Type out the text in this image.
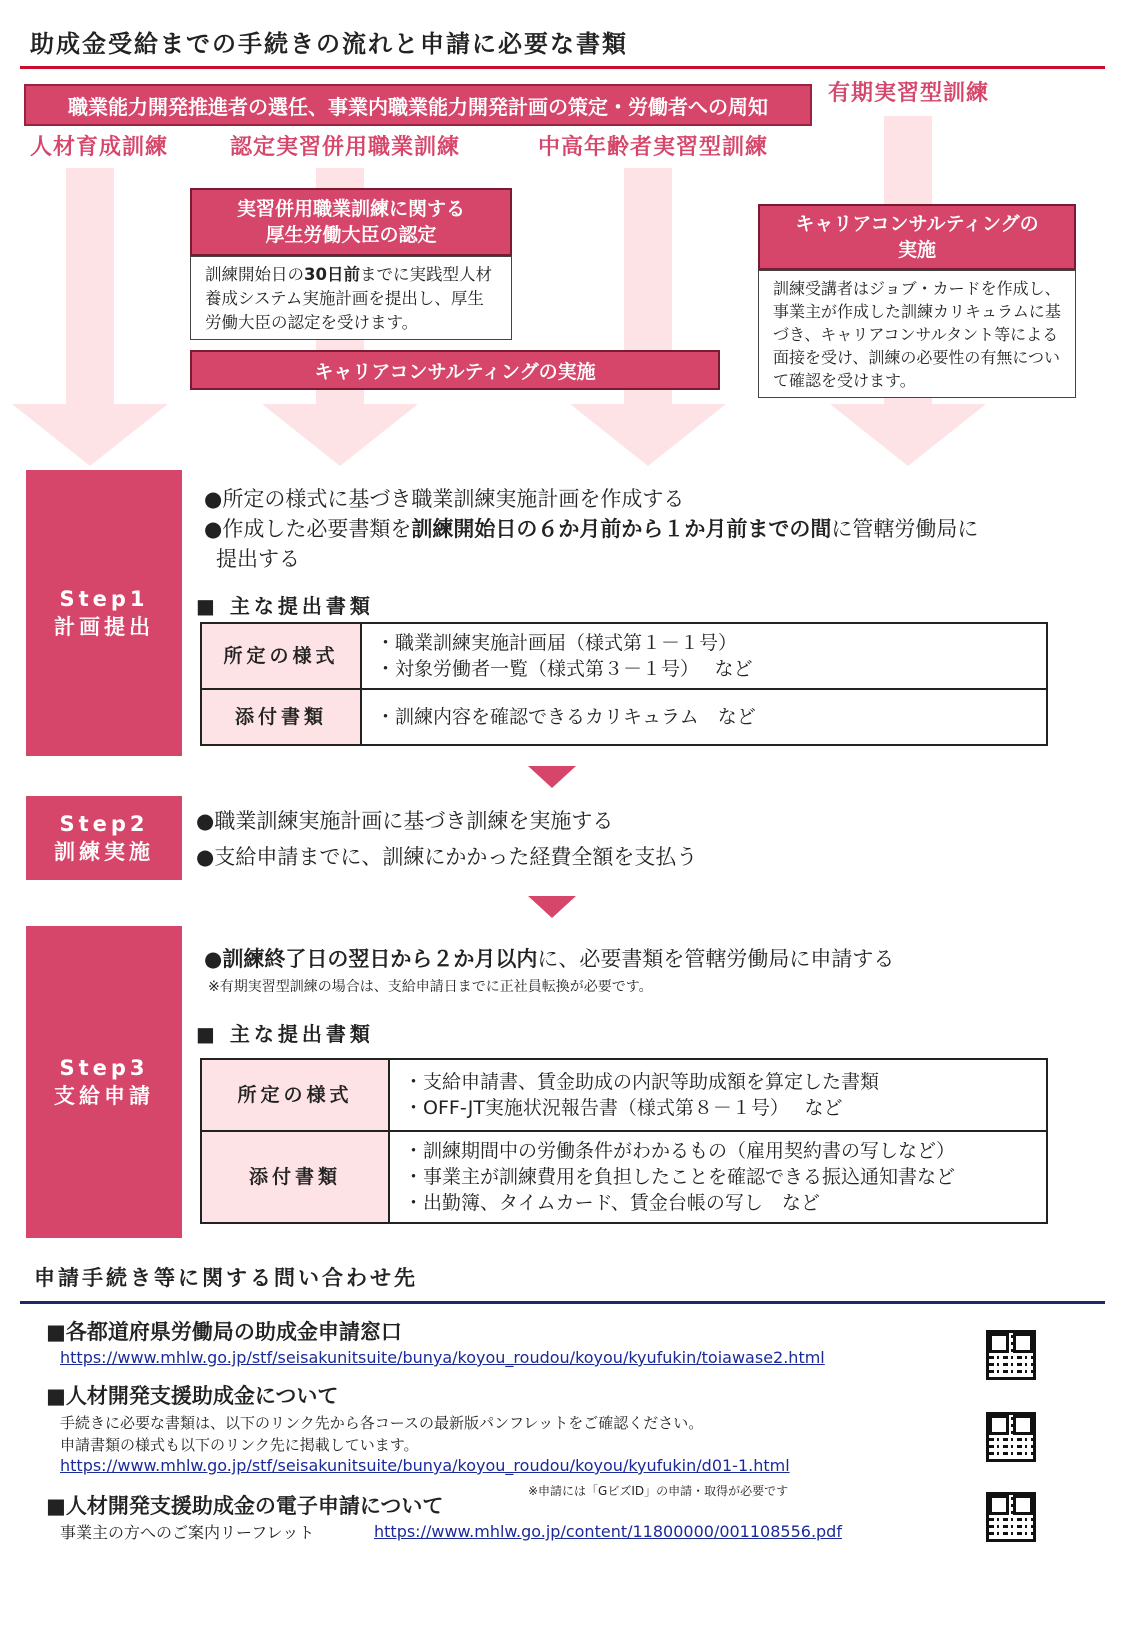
助成金受給までの手続きの流れと申請に必要な書類
職業能力開発推進者の選任、事業内職業能力開発計画の策定・労働者への周知
人材育成訓練	認定実習併用職業訓練	中高年齢者実習型訓練
有期実習型訓練
実習併用職業訓練に関する
厚生労働大臣の認定
訓練開始日の30日前までに実践型人材養成システム実施計画を提出し、厚生労働大臣の認定を受けます。
キャリアコンサルティングの実施
キャリアコンサルティングの
実施
訓練受講者はジョブ・カードを作成し、事業主が作成した訓練カリキュラムに基づき、キャリアコンサルタント等による面接を受け、訓練の必要性の有無について確認を受けます。
Step1
計画提出
●所定の様式に基づき職業訓練実施計画を作成する
●作成した必要書類を訓練開始日の６か月前から１か月前までの間に管轄労働局に
提出する
■ 主な提出書類
所定の様式	・職業訓練実施計画届（様式第１－１号）
・対象労働者一覧（様式第３－１号）　 など

添付書類	・訓練内容を確認できるカリキュラム　など
Step2
訓練実施
●職業訓練実施計画に基づき訓練を実施する
●支給申請までに、訓練にかかった経費全額を支払う
Step3
支給申請
●訓練終了日の翌日から２か月以内に、必要書類を管轄労働局に申請する
※有期実習型訓練の場合は、支給申請日までに正社員転換が必要です。
■ 主な提出書類
所定の様式	・支給申請書、賃金助成の内訳等助成額を算定した書類
・OFF-JT実施状況報告書（様式第８－１号）　 など

添付書類	・訓練期間中の労働条件がわかるもの（雇用契約書の写しなど）
・事業主が訓練費用を負担したことを確認できる振込通知書など
・出勤簿、タイムカード、賃金台帳の写し　など
申請手続き等に関する問い合わせ先
■各都道府県労働局の助成金申請窓口
https://www.mhlw.go.jp/stf/seisakunitsuite/bunya/koyou_roudou/koyou/kyufukin/toiawase2.html
■人材開発支援助成金について
手続きに必要な書類は、以下のリンク先から各コースの最新版パンフレットをご確認ください。
申請書類の様式も以下のリンク先に掲載しています。
https://www.mhlw.go.jp/stf/seisakunitsuite/bunya/koyou_roudou/koyou/kyufukin/d01-1.html
■人材開発支援助成金の電子申請について
※申請には「GビズID」の申請・取得が必要です
事業主の方へのご案内リーフレット	https://www.mhlw.go.jp/content/11800000/001108556.pdf
